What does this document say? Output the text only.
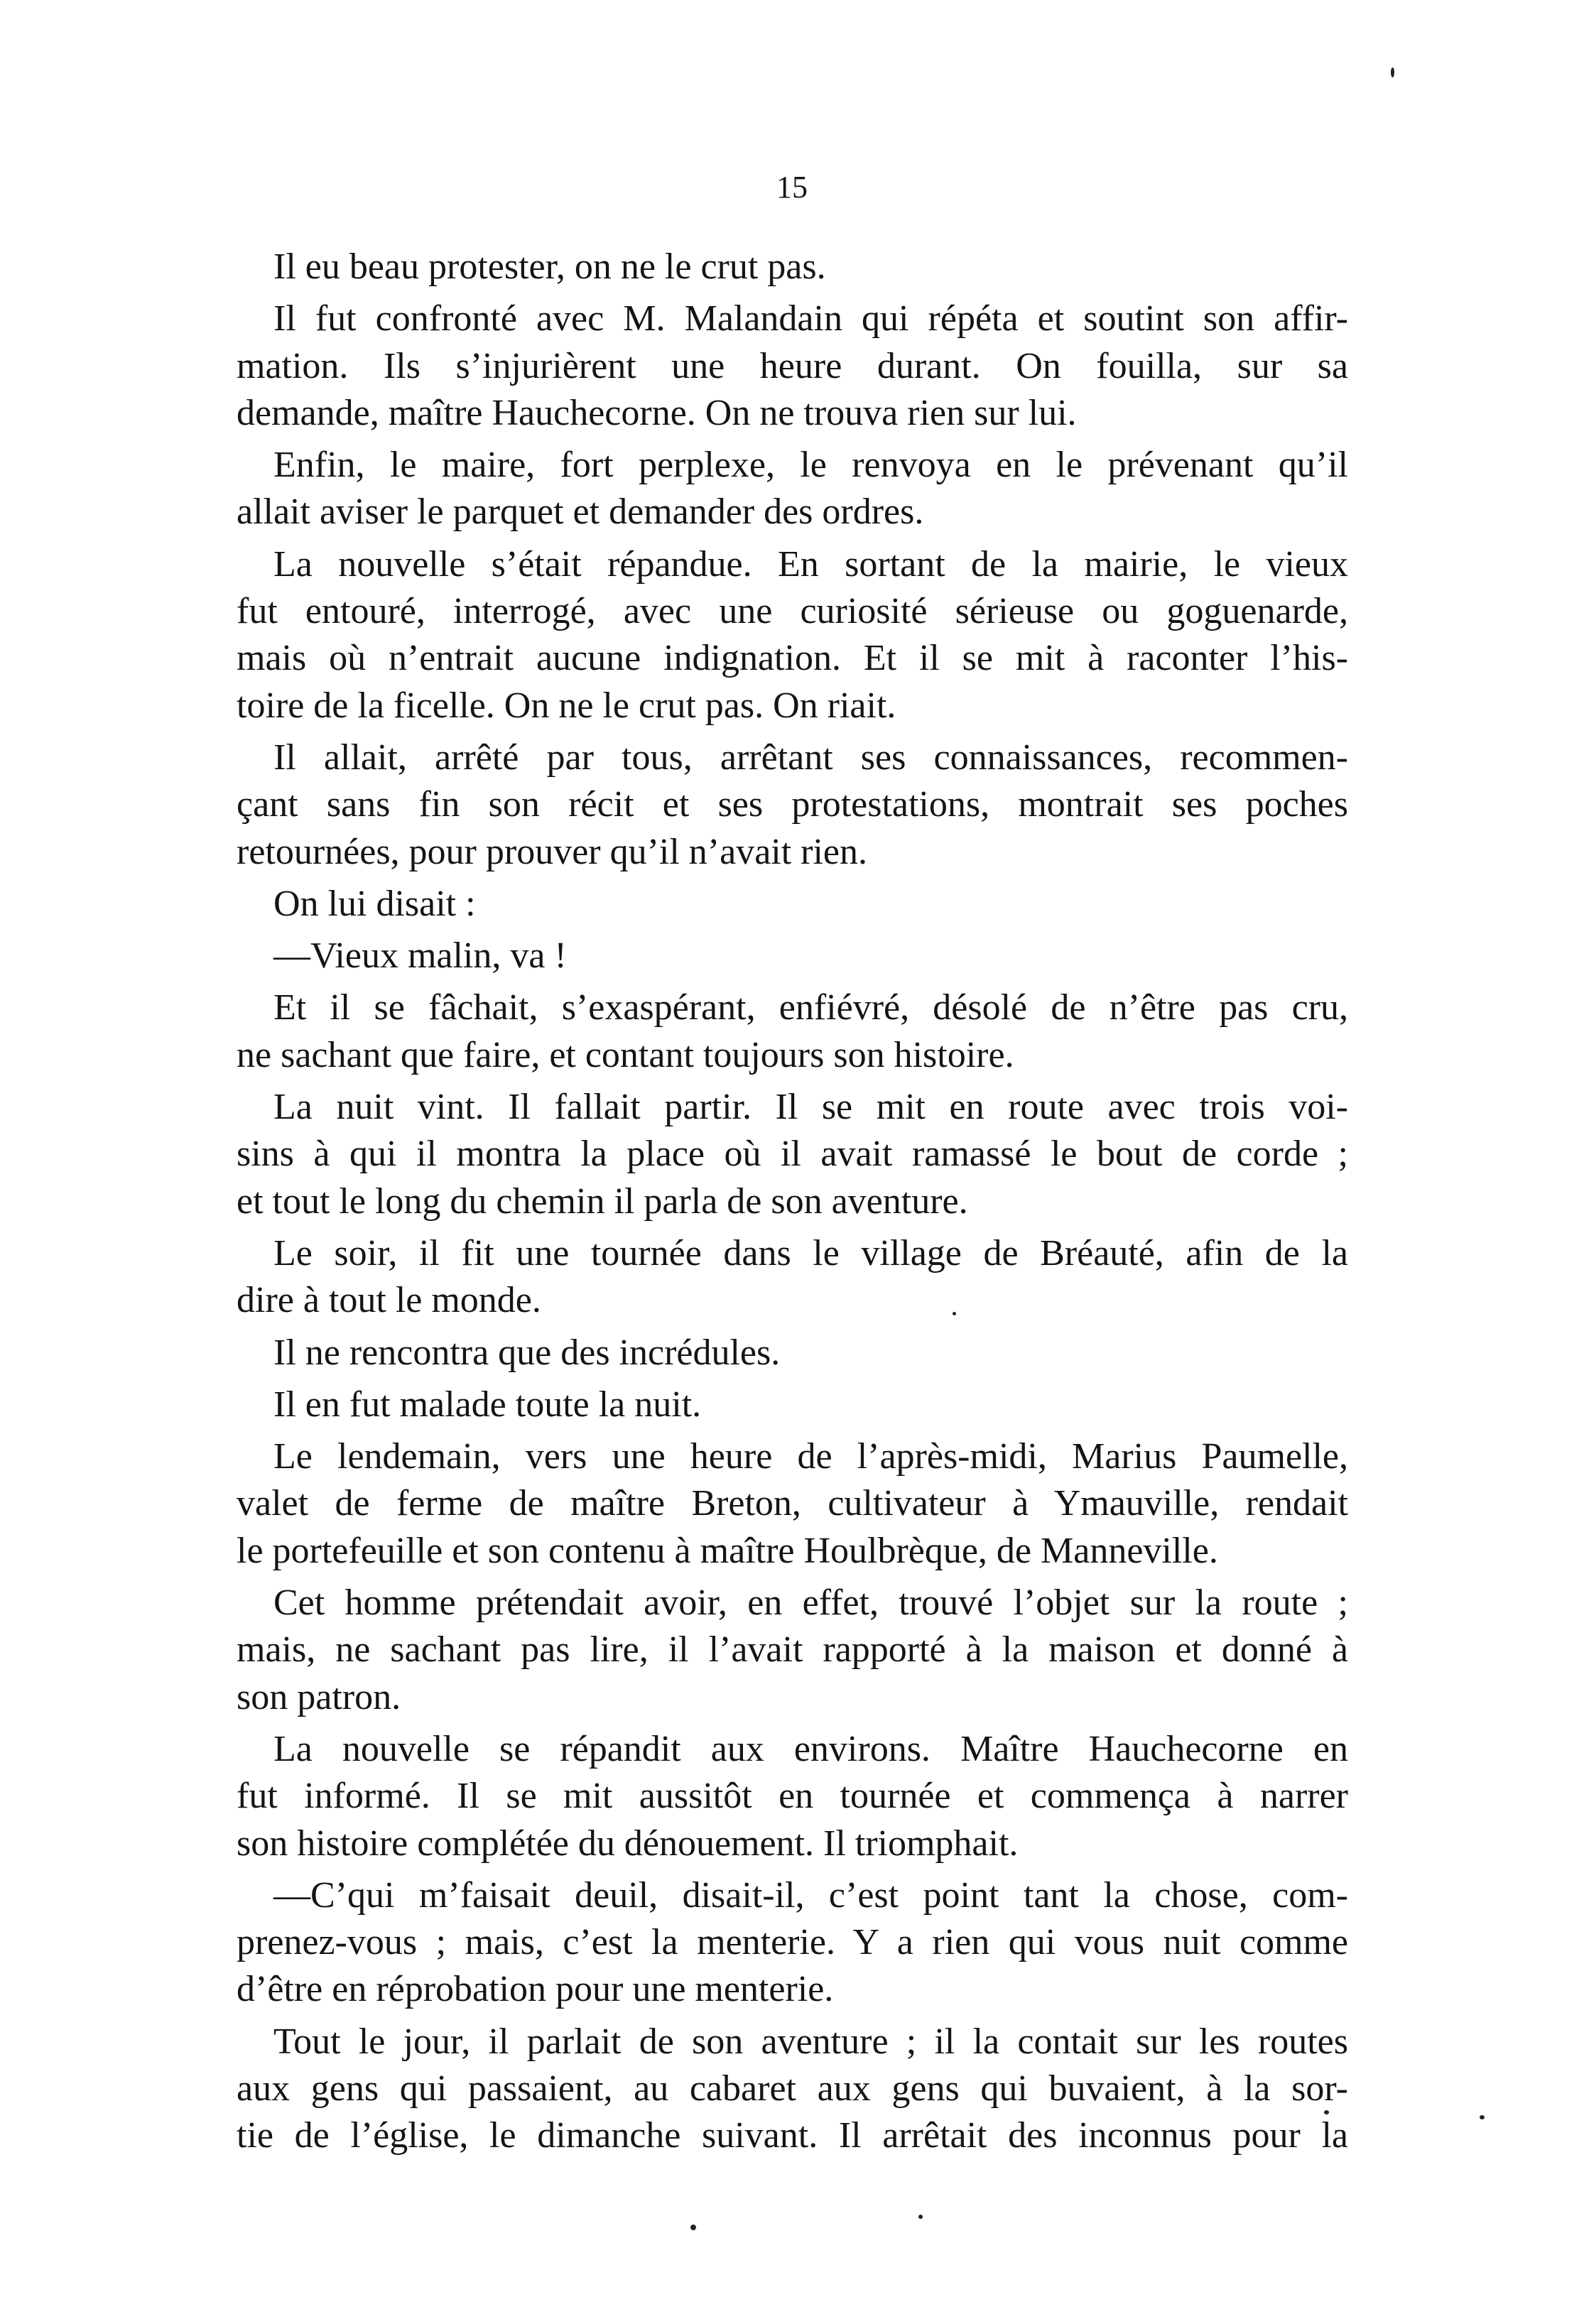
15
Il eu beau protester, on ne le crut pas.
Il fut confronté avec M. Malandain qui répéta et soutint son affir-
mation. Ils s’injurièrent une heure durant. On fouilla, sur sa
demande, maître Hauchecorne. On ne trouva rien sur lui.
Enfin, le maire, fort perplexe, le renvoya en le prévenant qu’il
allait aviser le parquet et demander des ordres.
La nouvelle s’était répandue. En sortant de la mairie, le vieux
fut entouré, interrogé, avec une curiosité sérieuse ou goguenarde,
mais où n’entrait aucune indignation. Et il se mit à raconter l’his-
toire de la ficelle. On ne le crut pas. On riait.
Il allait, arrêté par tous, arrêtant ses connaissances, recommen-
çant sans fin son récit et ses protestations, montrait ses poches
retournées, pour prouver qu’il n’avait rien.
On lui disait :
—Vieux malin, va !
Et il se fâchait, s’exaspérant, enfiévré, désolé de n’être pas cru,
ne sachant que faire, et contant toujours son histoire.
La nuit vint. Il fallait partir. Il se mit en route avec trois voi-
sins à qui il montra la place où il avait ramassé le bout de corde ;
et tout le long du chemin il parla de son aventure.
Le soir, il fit une tournée dans le village de Bréauté, afin de la
dire à tout le monde.
Il ne rencontra que des incrédules.
Il en fut malade toute la nuit.
Le lendemain, vers une heure de l’après-midi, Marius Paumelle,
valet de ferme de maître Breton, cultivateur à Ymauville, rendait
le portefeuille et son contenu à maître Houlbrèque, de Manneville.
Cet homme prétendait avoir, en effet, trouvé l’objet sur la route ;
mais, ne sachant pas lire, il l’avait rapporté à la maison et donné à
son patron.
La nouvelle se répandit aux environs. Maître Hauchecorne en
fut informé. Il se mit aussitôt en tournée et commença à narrer
son histoire complétée du dénouement. Il triomphait.
—C’qui m’faisait deuil, disait-il, c’est point tant la chose, com-
prenez-vous ; mais, c’est la menterie. Y a rien qui vous nuit comme
d’être en réprobation pour une menterie.
Tout le jour, il parlait de son aventure ; il la contait sur les routes
aux gens qui passaient, au cabaret aux gens qui buvaient, à la sor-
tie de l’église, le dimanche suivant. Il arrêtait des inconnus pour la
